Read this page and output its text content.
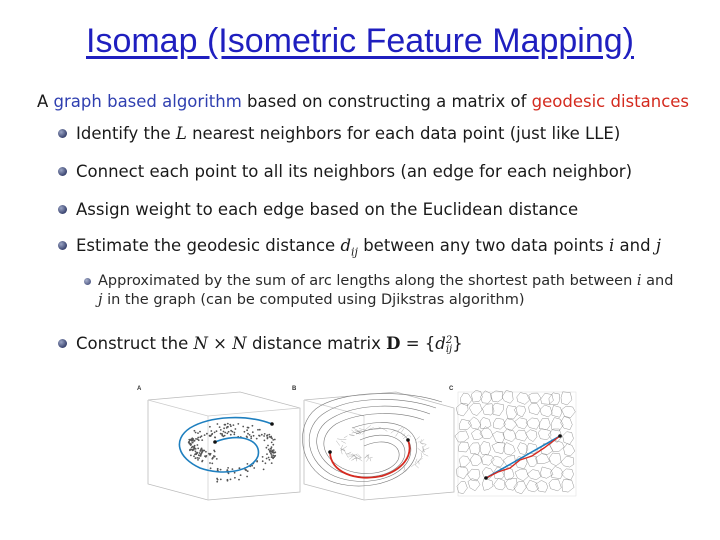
Isomap (Isometric Feature Mapping)
A graph based algorithm based on constructing a matrix of geodesic distances
Identify the L nearest neighbors for each data point (just like LLE)
Connect each point to all its neighbors (an edge for each neighbor)
Assign weight to each edge based on the Euclidean distance
Estimate the geodesic distance $d_{ij}$ between any two data points i and j
Approximated by the sum of arc lengths along the shortest path between i and
j in the graph (can be computed using Djikstras algorithm)
Construct the N × N distance matrix D = {d 2
ij }
A	B	C
